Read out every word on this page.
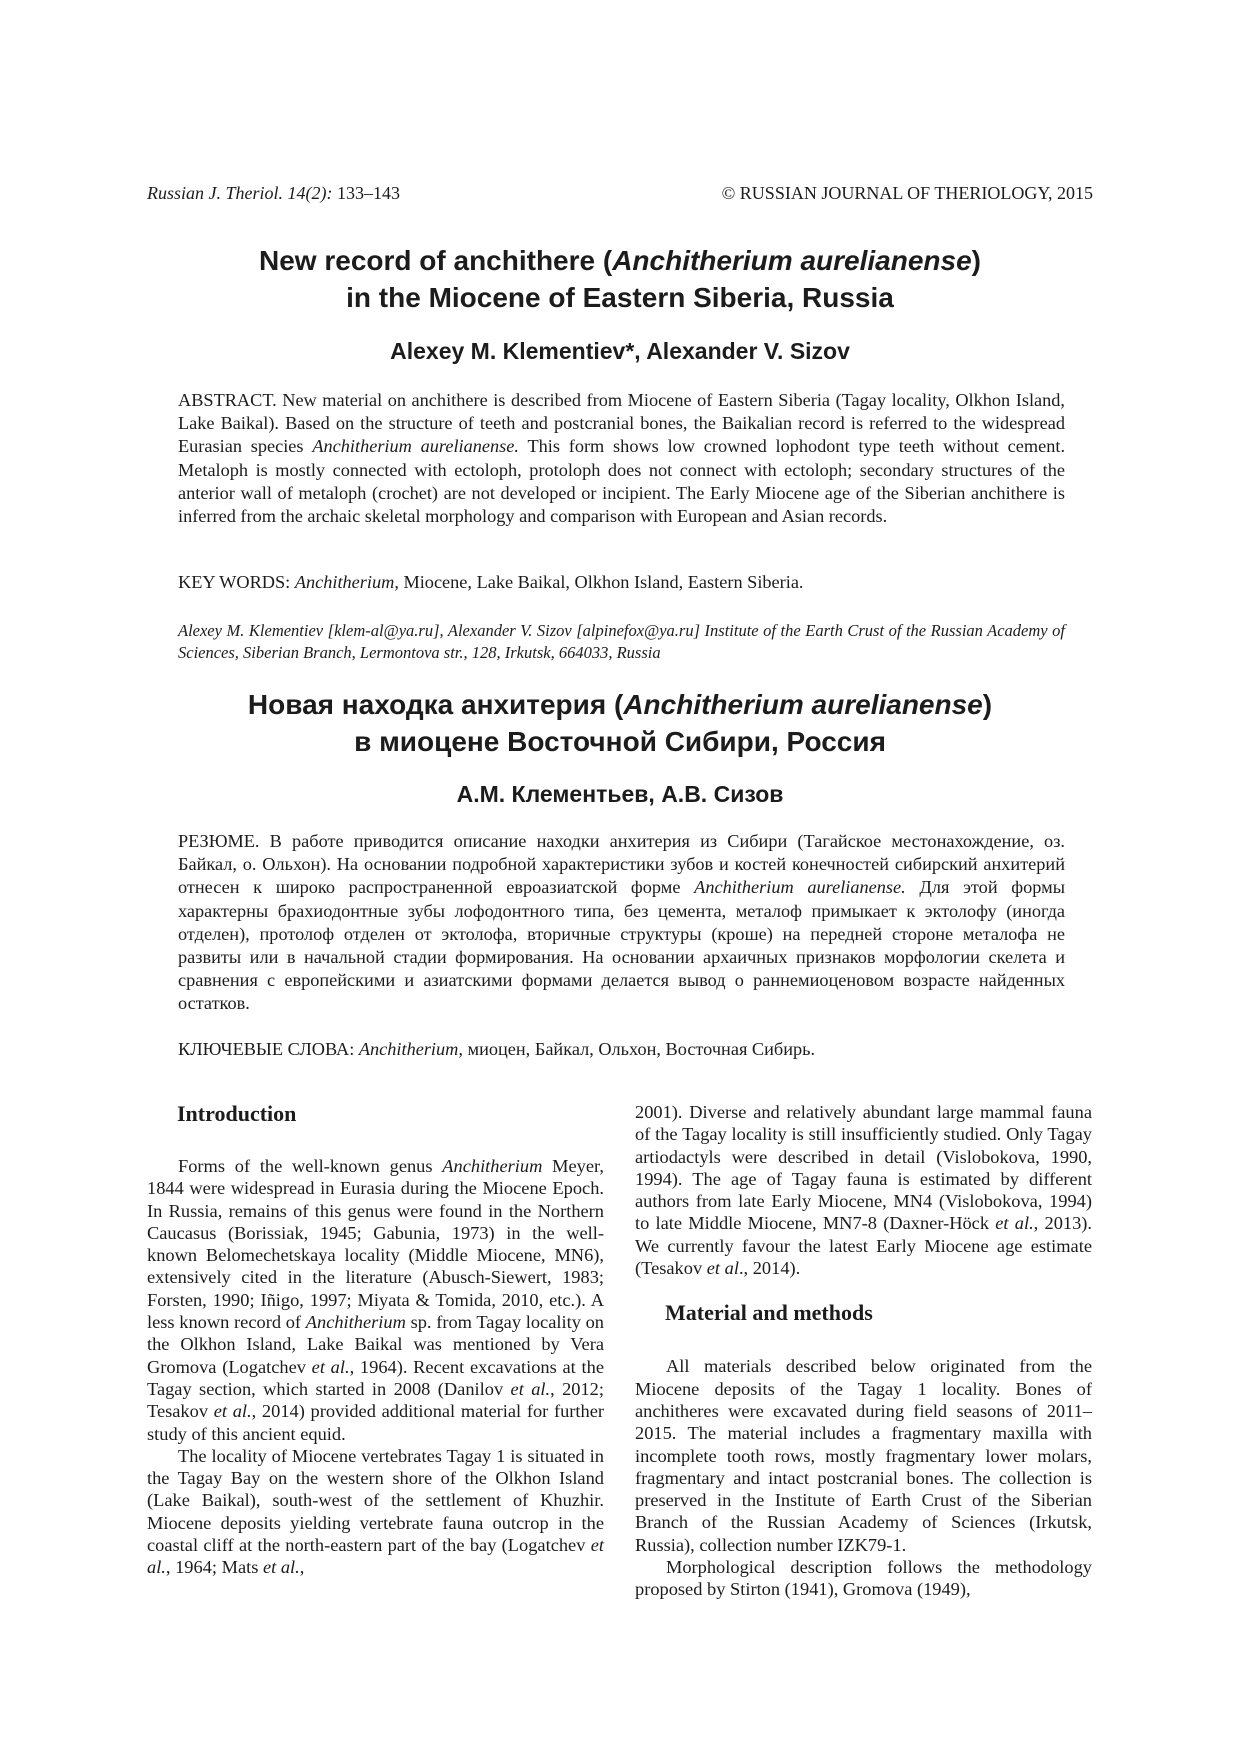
Russian J. Theriol. 14(2): 133–143	© RUSSIAN JOURNAL OF THERIOLOGY, 2015
New record of anchithere (Anchitherium aurelianense)
in the Miocene of Eastern Siberia, Russia
Alexey M. Klementiev*, Alexander V. Sizov
ABSTRACT. New material on anchithere is described from Miocene of Eastern Siberia (Tagay locality, Olkhon Island, Lake Baikal). Based on the structure of teeth and postcranial bones, the Baikalian record is referred to the widespread Eurasian species Anchitherium aurelianense. This form shows low crowned lophodont type teeth without cement. Metaloph is mostly connected with ectoloph, protoloph does not connect with ectoloph; secondary structures of the anterior wall of metaloph (crochet) are not developed or incipient. The Early Miocene age of the Siberian anchithere is inferred from the archaic skeletal morphology and comparison with European and Asian records.
KEY WORDS: Anchitherium, Miocene, Lake Baikal, Olkhon Island, Eastern Siberia.
Alexey M. Klementiev [klem-al@ya.ru], Alexander V. Sizov [alpinefox@ya.ru] Institute of the Earth Crust of the Russian Academy of Sciences, Siberian Branch, Lermontova str., 128, Irkutsk, 664033, Russia
Новая находка анхитерия (Anchitherium aurelianense)
в миоцене Восточной Сибири, Россия
А.М. Клементьев, А.В. Сизов
РЕЗЮМЕ. В работе приводится описание находки анхитерия из Сибири (Тагайское местонахождение, оз. Байкал, о. Ольхон). На основании подробной характеристики зубов и костей конечностей сибирский анхитерий отнесен к широко распространенной евроазиатской форме Anchitherium aurelianense. Для этой формы характерны брахиодонтные зубы лофодонтного типа, без цемента, металоф примыкает к эктолофу (иногда отделен), протолоф отделен от эктолофа, вторичные структуры (кроше) на передней стороне металофа не развиты или в начальной стадии формирования. На основании архаичных признаков морфологии скелета и сравнения с европейскими и азиатскими формами делается вывод о раннемиоценовом возрасте найденных остатков.
КЛЮЧЕВЫЕ СЛОВА: Anchitherium, миоцен, Байкал, Ольхон, Восточная Сибирь.
Introduction

Forms of the well-known genus Anchitherium Meyer, 1844 were widespread in Eurasia during the Miocene Epoch. In Russia, remains of this genus were found in the Northern Caucasus (Borissiak, 1945; Gabunia, 1973) in the well-known Belomechetskaya locality (Middle Miocene, MN6), extensively cited in the literature (Abusch-Siewert, 1983; Forsten, 1990; Iñigo, 1997; Miyata & Tomida, 2010, etc.). A less known record of Anchitherium sp. from Tagay locality on the Olkhon Island, Lake Baikal was mentioned by Vera Gromova (Logatchev et al., 1964). Recent excavations at the Tagay section, which started in 2008 (Danilov et al., 2012; Tesakov et al., 2014) provided additional material for further study of this ancient equid.

The locality of Miocene vertebrates Tagay 1 is situated in the Tagay Bay on the western shore of the Olkhon Island (Lake Baikal), south-west of the settlement of Khuzhir. Miocene deposits yielding vertebrate fauna outcrop in the coastal cliff at the north-eastern part of the bay (Logatchev et al., 1964; Mats et al.,

2001). Diverse and relatively abundant large mammal fauna of the Tagay locality is still insufficiently studied. Only Tagay artiodactyls were described in detail (Vislobokova, 1990, 1994). The age of Tagay fauna is estimated by different authors from late Early Miocene, MN4 (Vislobokova, 1994) to late Middle Miocene, MN7-8 (Daxner-Höck et al., 2013). We currently favour the latest Early Miocene age estimate (Tesakov et al., 2014).

Material and methods

All materials described below originated from the Miocene deposits of the Tagay 1 locality. Bones of anchitheres were excavated during field seasons of 2011–2015. The material includes a fragmentary maxilla with incomplete tooth rows, mostly fragmentary lower molars, fragmentary and intact postcranial bones. The collection is preserved in the Institute of Earth Crust of the Siberian Branch of the Russian Academy of Sciences (Irkutsk, Russia), collection number IZK79-1.

Morphological description follows the methodology proposed by Stirton (1941), Gromova (1949),
